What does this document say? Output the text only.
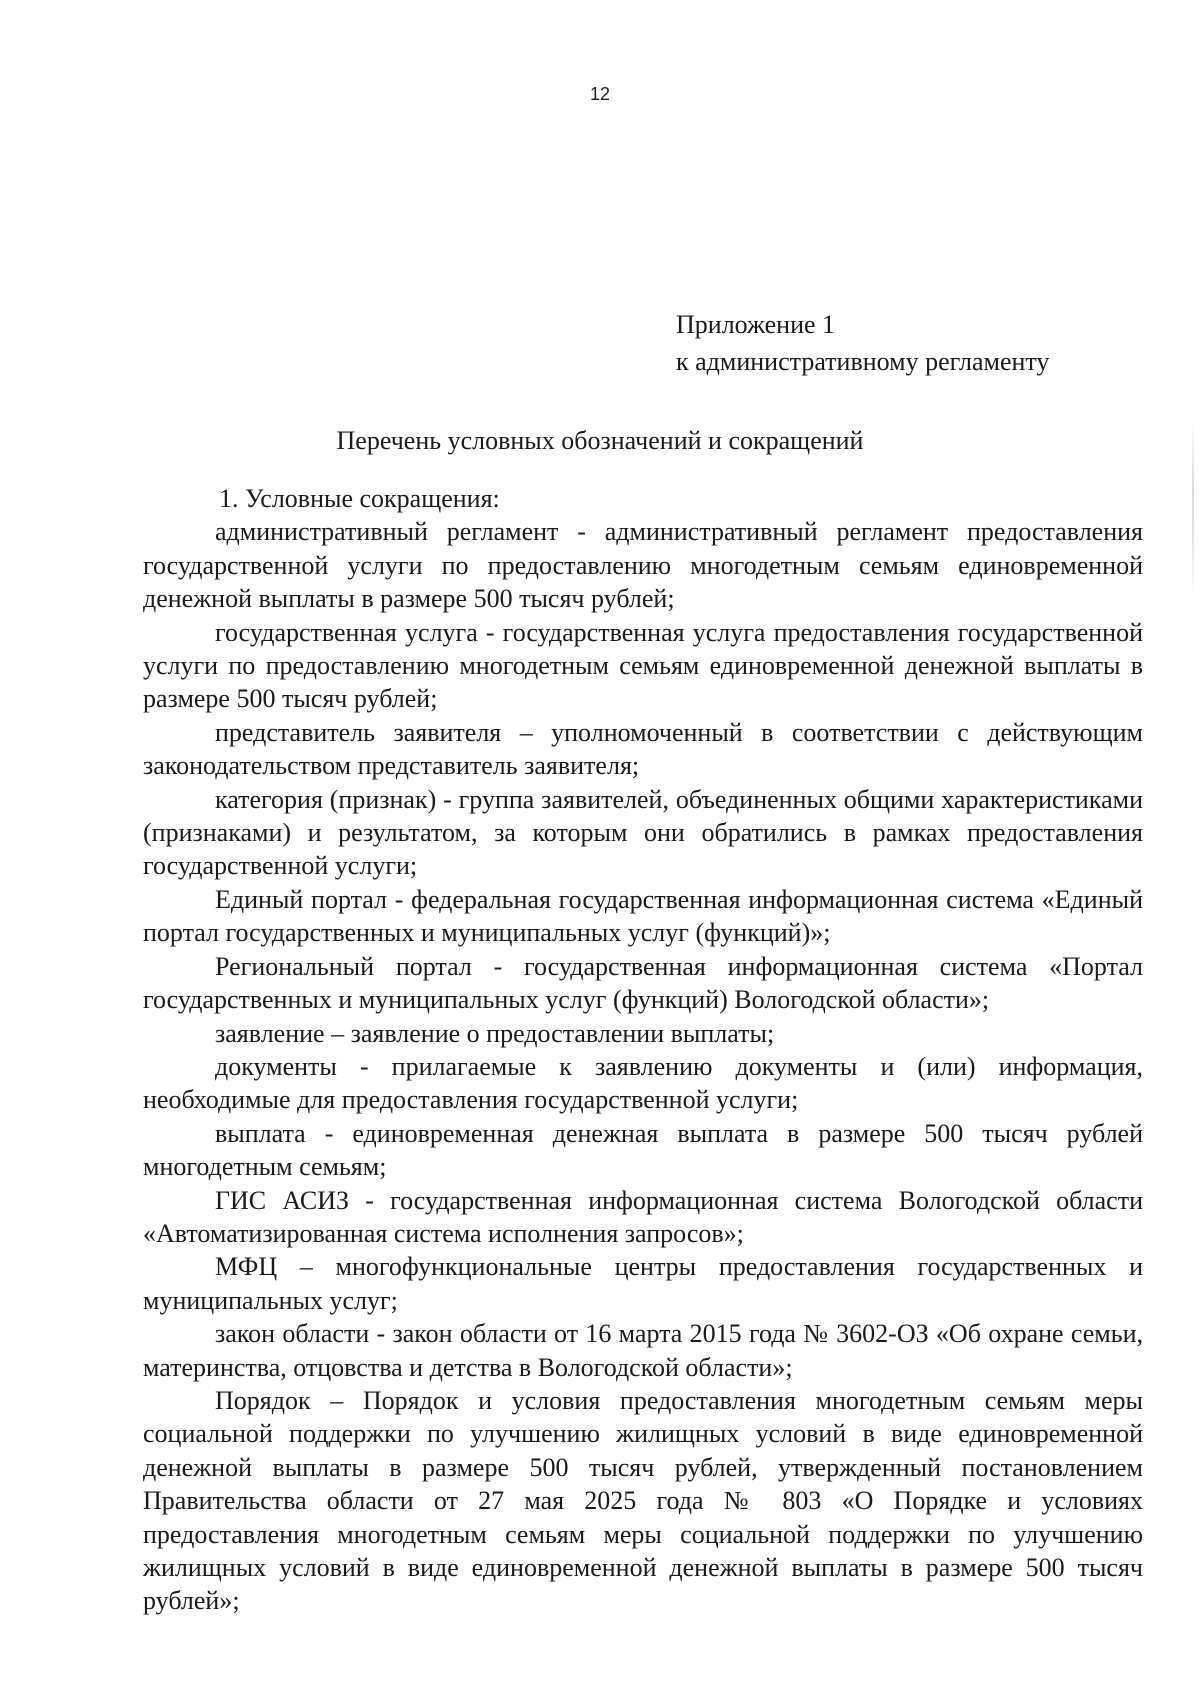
12
Приложение 1
к административному регламенту
Перечень условных обозначений и сокращений

1. Условные сокращения:

административный регламент - административный регламент предоставления государственной услуги по предоставлению многодетным семьям единовременной денежной выплаты в размере 500 тысяч рублей;

государственная услуга - государственная услуга предоставления государственной услуги по предоставлению многодетным семьям единовременной денежной выплаты в размере 500 тысяч рублей;

представитель заявителя – уполномоченный в соответствии с действующим законодательством представитель заявителя;

категория (признак) - группа заявителей, объединенных общими характеристиками (признаками) и результатом, за которым они обратились в рамках предоставления государственной услуги;

Единый портал - федеральная государственная информационная система «Единый портал государственных и муниципальных услуг (функций)»;

Региональный портал - государственная информационная система «Портал государственных и муниципальных услуг (функций) Вологодской области»;

заявление – заявление о предоставлении выплаты;

документы - прилагаемые к заявлению документы и (или) информация, необходимые для предоставления государственной услуги;

выплата - единовременная денежная выплата в размере 500 тысяч рублей многодетным семьям;

ГИС АСИЗ - государственная информационная система Вологодской области «Автоматизированная система исполнения запросов»;

МФЦ – многофункциональные центры предоставления государственных и муниципальных услуг;

закон области - закон области от 16 марта 2015 года № 3602-ОЗ «Об охране семьи, материнства, отцовства и детства в Вологодской области»;

Порядок – Порядок и условия предоставления многодетным семьям меры социальной поддержки по улучшению жилищных условий в виде единовременной денежной выплаты в размере 500 тысяч рублей, утвержденный постановлением Правительства области от 27 мая 2025 года № 803 «О Порядке и условиях предоставления многодетным семьям меры социальной поддержки по улучшению жилищных условий в виде единовременной денежной выплаты в размере 500 тысяч рублей»;
